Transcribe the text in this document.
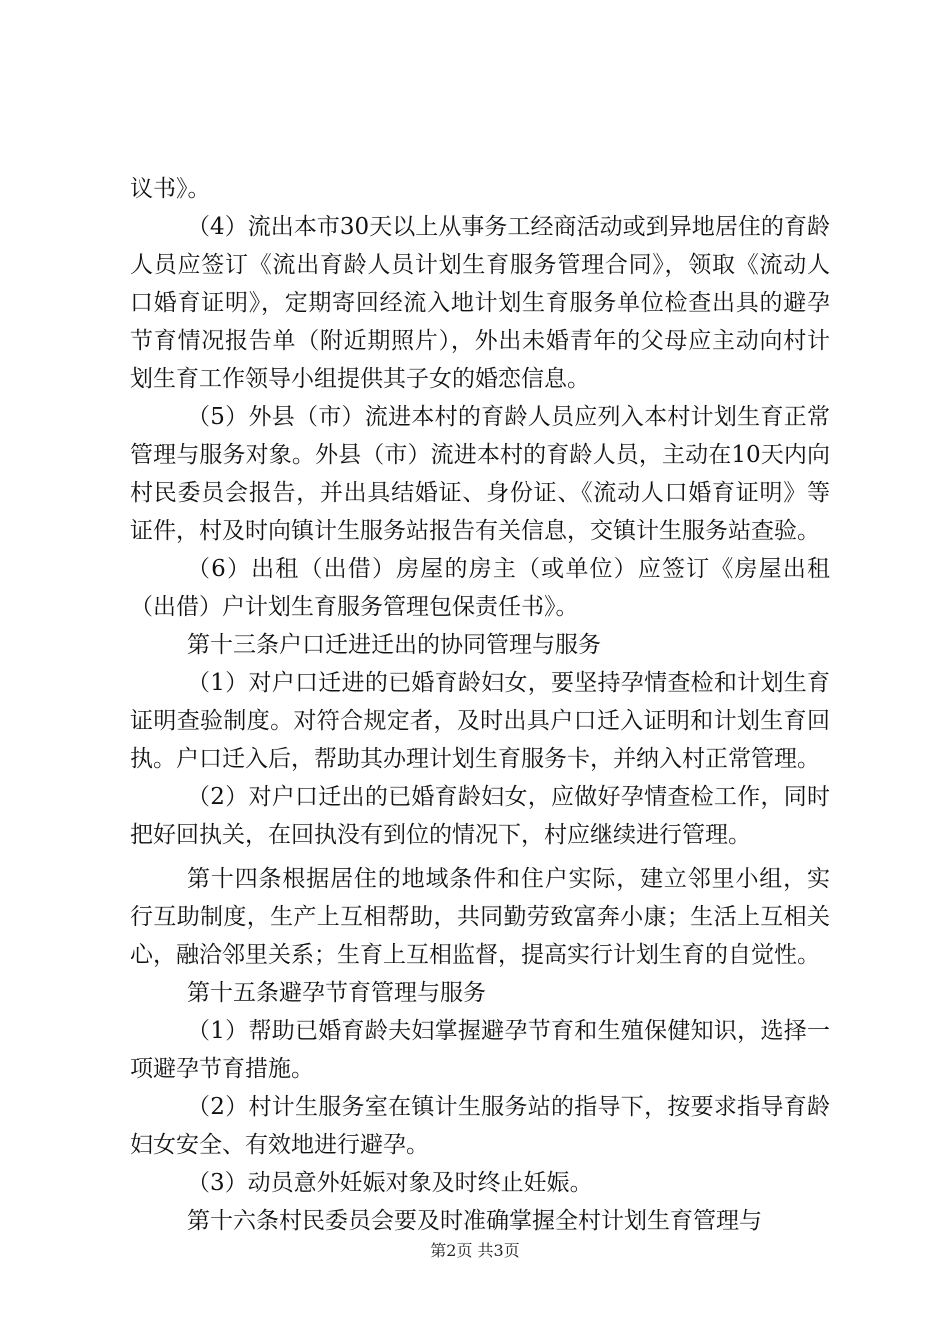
议书》。

（4）流出本市30天以上从事务工经商活动或到异地居住的育龄人员应签订《流出育龄人员计划生育服务管理合同》，领取《流动人口婚育证明》，定期寄回经流入地计划生育服务单位检查出具的避孕节育情况报告单（附近期照片），外出未婚青年的父母应主动向村计划生育工作领导小组提供其子女的婚恋信息。

（5）外县（市）流进本村的育龄人员应列入本村计划生育正常管理与服务对象。外县（市）流进本村的育龄人员，主动在10天内向村民委员会报告，并出具结婚证、身份证、《流动人口婚育证明》等证件，村及时向镇计生服务站报告有关信息，交镇计生服务站查验。

（6）出租（出借）房屋的房主（或单位）应签订《房屋出租（出借）户计划生育服务管理包保责任书》。

第十三条户口迁进迁出的协同管理与服务

（1）对户口迁进的已婚育龄妇女，要坚持孕情查检和计划生育证明查验制度。对符合规定者，及时出具户口迁入证明和计划生育回执。户口迁入后，帮助其办理计划生育服务卡，并纳入村正常管理。

（2）对户口迁出的已婚育龄妇女，应做好孕情查检工作，同时把好回执关，在回执没有到位的情况下，村应继续进行管理。

第十四条根据居住的地域条件和住户实际，建立邻里小组，实行互助制度，生产上互相帮助，共同勤劳致富奔小康；生活上互相关心，融洽邻里关系；生育上互相监督，提高实行计划生育的自觉性。

第十五条避孕节育管理与服务

（1）帮助已婚育龄夫妇掌握避孕节育和生殖保健知识，选择一项避孕节育措施。

（2）村计生服务室在镇计生服务站的指导下，按要求指导育龄妇女安全、有效地进行避孕。

（3）动员意外妊娠对象及时终止妊娠。

第十六条村民委员会要及时准确掌握全村计划生育管理与

第2页 共3页
